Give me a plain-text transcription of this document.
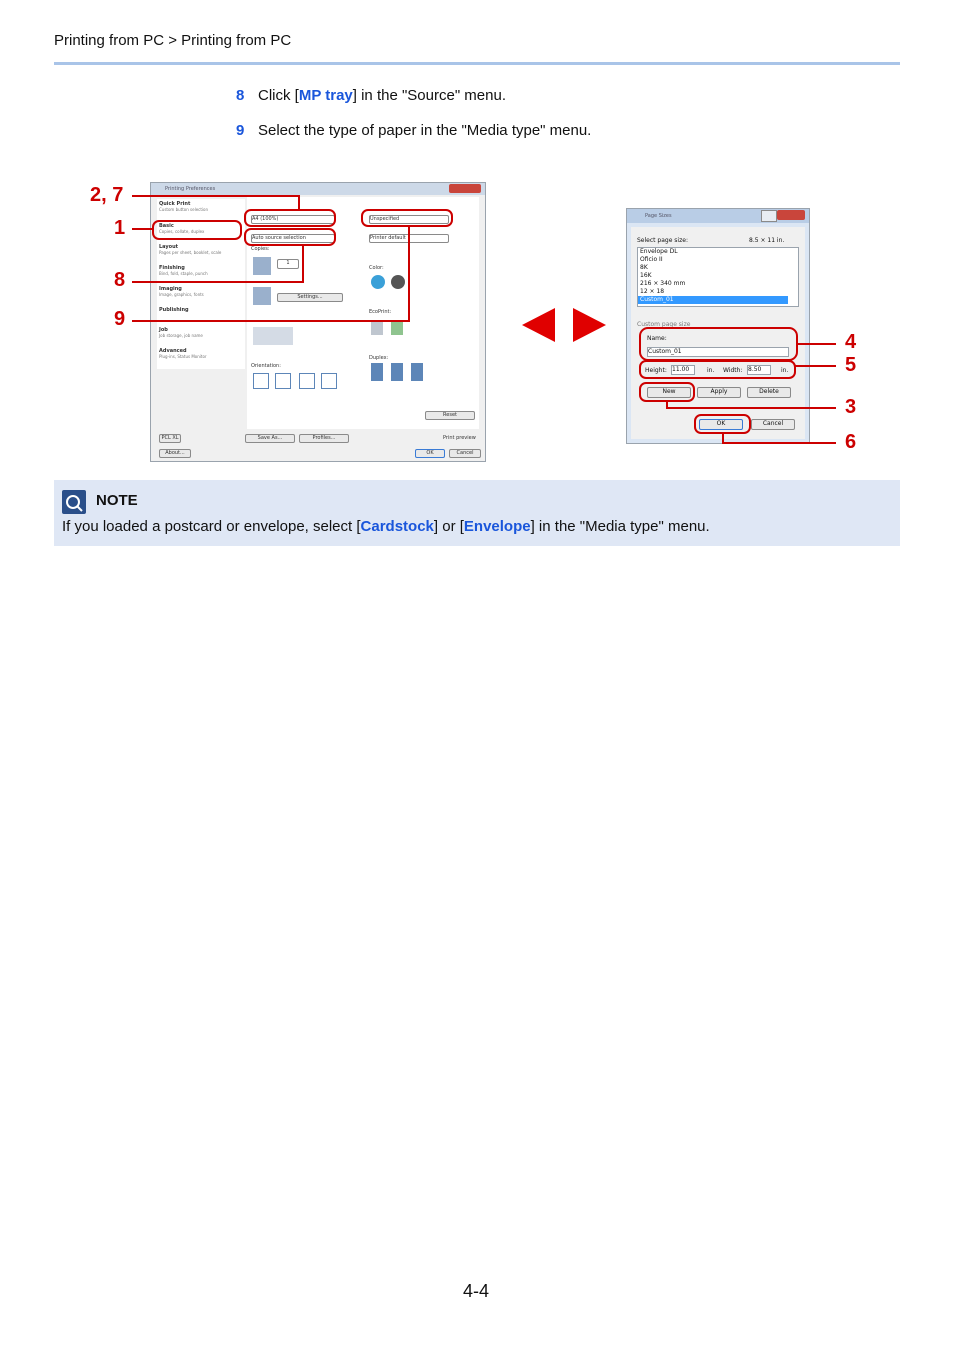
Printing from PC > Printing from PC
8 Click [MP tray] in the "Source" menu.
9 Select the type of paper in the "Media type" menu.
Printing Preferences
Quick Print
Custom button selection
Basic
Copies, collate, duplex
Layout
Pages per sheet, booklet, scale
Finishing
Bind, fold, staple, punch
Imaging
Image, graphics, fonts
Publishing
Job
Job storage, job name
Advanced
Plug-ins, Status Monitor
A4 (100%)
Auto source selection
Unspecified
Printer default
Copies:
1
Settings...
Color:
EcoPrint:
Duplex:
Orientation:
Reset
PCL XL	Save As...	Profiles...	Print preview
About...	OK	Cancel
Page Sizes
Select page size:	8.5 × 11 in.
Envelope DL
Oficio II
8K
16K
216 × 340 mm
12 × 18
Custom_01
Custom page size
Name:
Custom_01
Height: 11.00	in. Width: 8.50	in.
New	Apply	Delete
OK	Cancel
2, 7
1
8
9
4
5
3
6
NOTE
If you loaded a postcard or envelope, select [Cardstock] or [Envelope] in the "Media type" menu.
4-4
